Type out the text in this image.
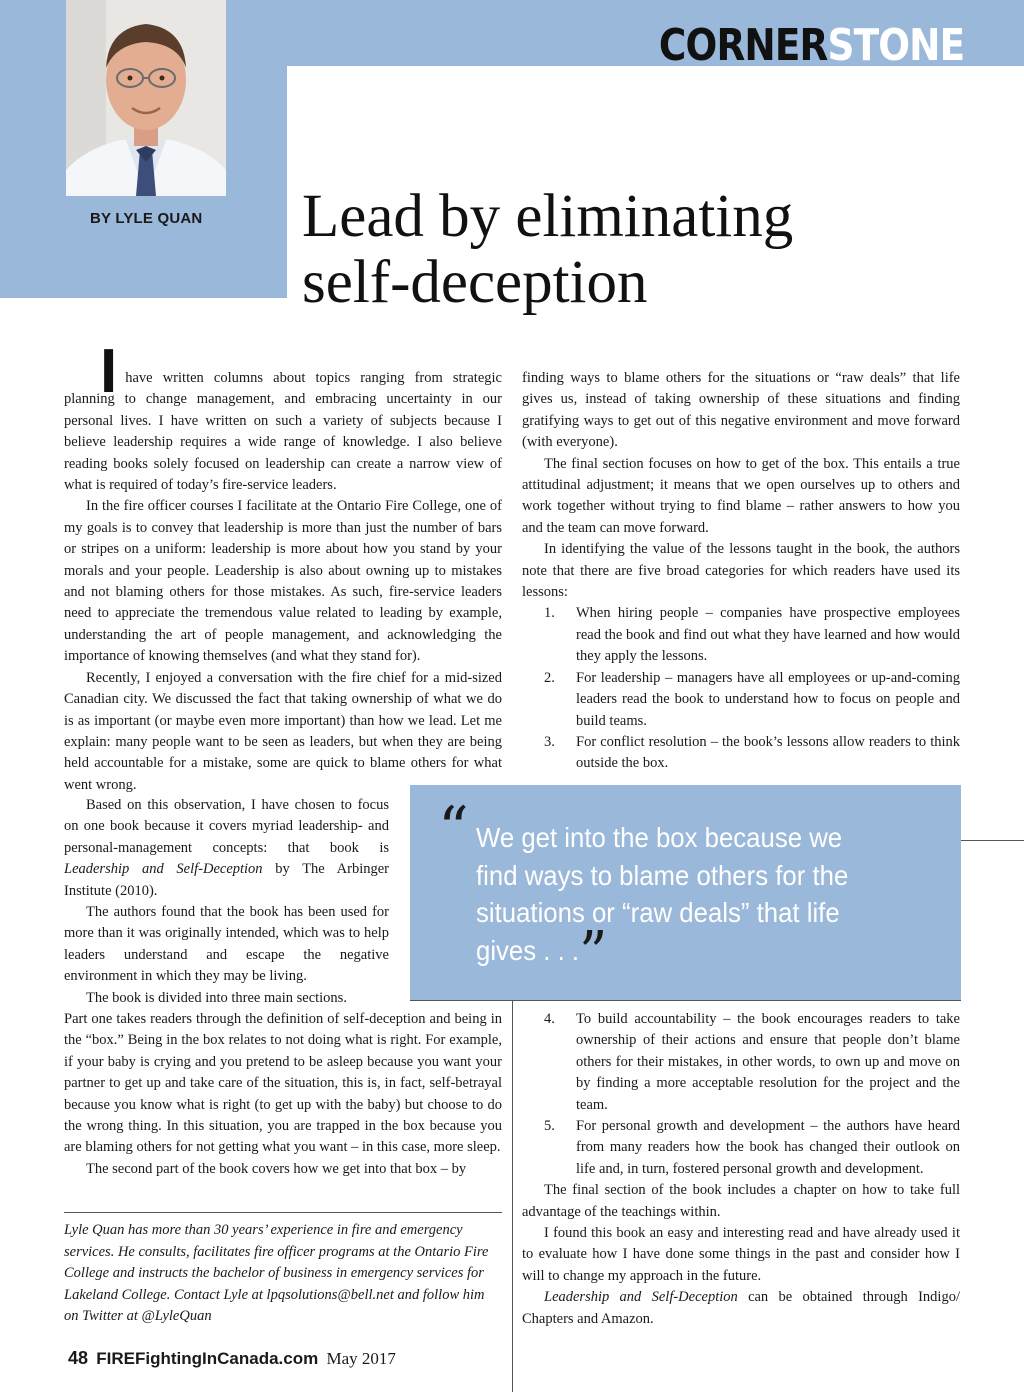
BY LYLE QUAN
CORNERSTONE
Lead by eliminating
self-deception

Ihave written columns about topics ranging from strategic planning to change management, and embracing uncertainty in our personal lives. I have written on such a variety of subjects because I believe leadership requires a wide range of knowledge. I also believe reading books solely focused on leadership can create a narrow view of what is required of today’s fire-service leaders.

In the fire officer courses I facilitate at the Ontario Fire College, one of my goals is to convey that leadership is more than just the number of bars or stripes on a uniform: leadership is more about how you stand by your morals and your people. Leadership is also about owning up to mistakes and not blaming others for those mistakes. As such, fire-service leaders need to appreciate the tremendous value related to leading by example, understanding the art of people management, and acknowledging the importance of knowing themselves (and what they stand for).

Recently, I enjoyed a conversation with the fire chief for a mid-sized Canadian city. We discussed the fact that taking ownership of what we do is as important (or maybe even more important) than how we lead. Let me explain: many people want to be seen as leaders, but when they are being held accountable for a mistake, some are quick to blame others for what went wrong.

Based on this observation, I have chosen to focus on one book because it covers myriad leadership- and personal-management concepts: that book is Leadership and Self-Deception by The Arbinger Institute (2010).

The authors found that the book has been used for more than it was originally intended, which was to help leaders understand and escape the negative environment in which they may be living.

The book is divided into three main sections.

Part one takes readers through the definition of self-deception and being in the “box.” Being in the box relates to not doing what is right. For example, if your baby is crying and you pretend to be asleep because you want your partner to get up and take care of the situation, this is, in fact, self-betrayal because you know what is right (to get up with the baby) but choose to do the wrong thing. In this situation, you are trapped in the box because you are blaming others for not getting what you want – in this case, more sleep.

The second part of the book covers how we get into that box – by

finding ways to blame others for the situations or “raw deals” that life gives us, instead of taking ownership of these situations and finding gratifying ways to get out of this negative environment and move forward (with everyone).

The final section focuses on how to get of the box. This entails a true attitudinal adjustment; it means that we open ourselves up to others and work together without trying to find blame – rather answers to how you and the team can move forward.

In identifying the value of the lessons taught in the book, the authors note that there are five broad categories for which readers have used its lessons:

1. When hiring people – companies have prospective employees read the book and find out what they have learned and how would they apply the lessons.
2. For leadership – managers have all employees or up-and-coming leaders read the book to understand how to focus on people and build teams.
3. For conflict resolution – the book’s lessons allow readers to think outside the box.
“ We get into the box because we find ways to blame others for the situations or “raw deals” that life gives . . .”
4. To build accountability – the book encourages readers to take ownership of their actions and ensure that people don’t blame others for their mistakes, in other words, to own up and move on by finding a more acceptable resolution for the project and the team.
5. For personal growth and development – the authors have heard from many readers how the book has changed their outlook on life and, in turn, fostered personal growth and development.

The final section of the book includes a chapter on how to take full advantage of the teachings within.

I found this book an easy and interesting read and have already used it to evaluate how I have done some things in the past and consider how I will to change my approach in the future.

Leadership and Self-Deception can be obtained through Indigo/ Chapters and Amazon.

Lyle Quan has more than 30 years’ experience in fire and emergency services. He consults, facilitates fire officer programs at the Ontario Fire College and instructs the bachelor of business in emergency services for Lakeland College. Contact Lyle at lpqsolutions@bell.net and follow him on Twitter at @LyleQuan
48 FIREFightingInCanada.com May 2017
